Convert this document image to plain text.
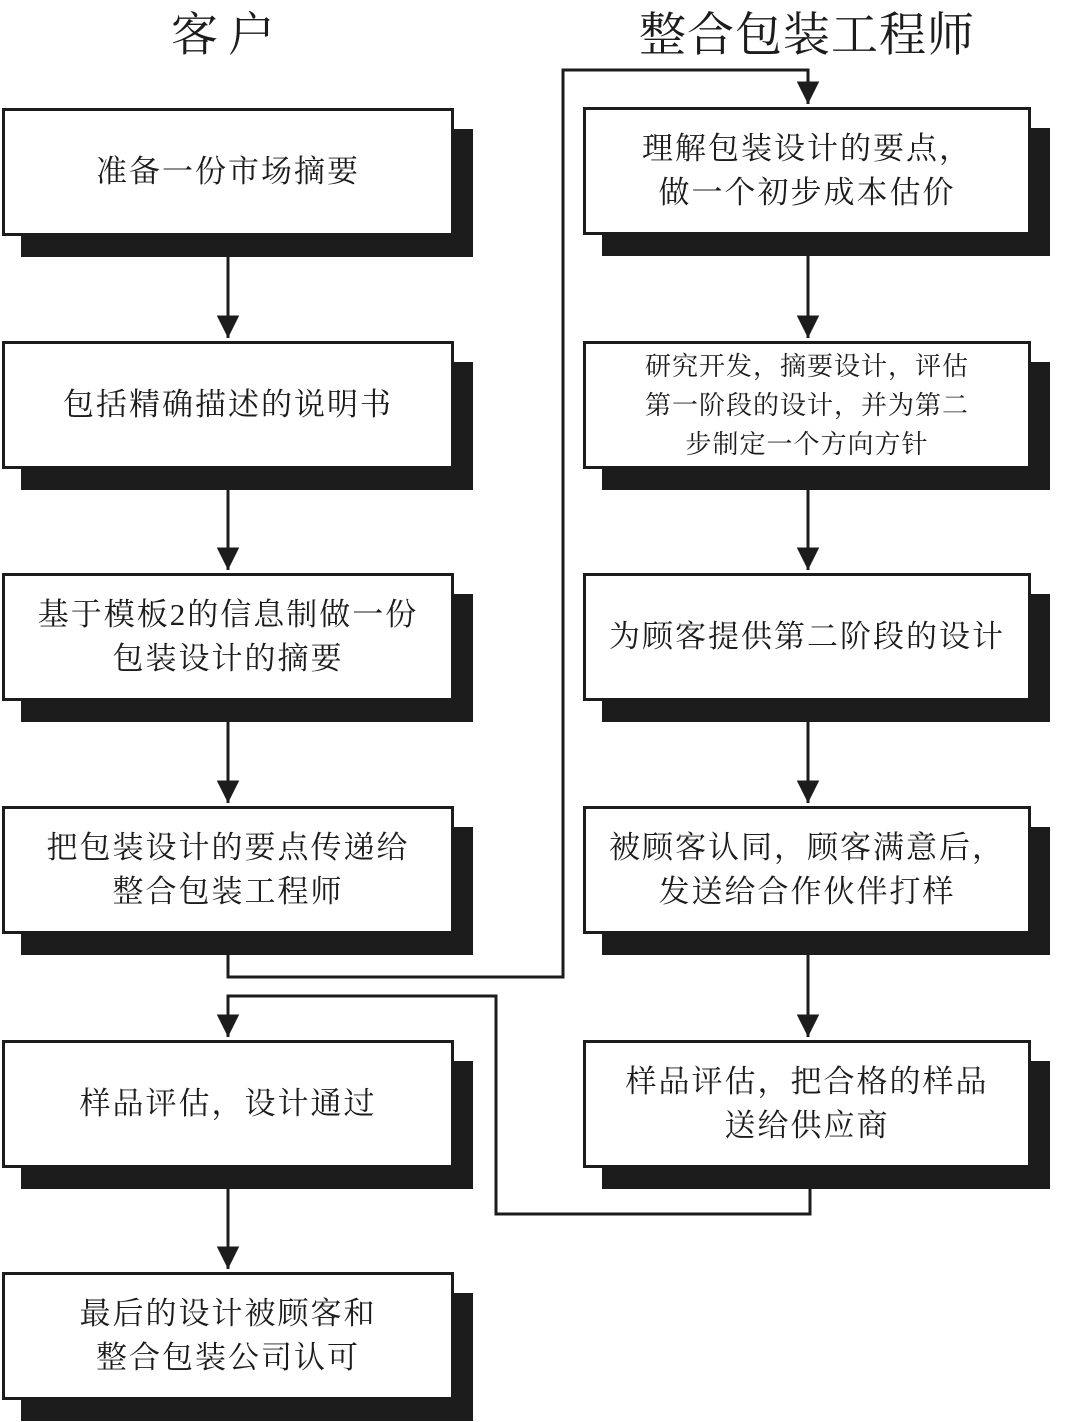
客户	整合包装工程师
准备一份市场摘要
包括精确描述的说明书
基于模板2的信息制做一份
包装设计的摘要
把包装设计的要点传递给
整合包装工程师
样品评估，设计通过
最后的设计被顾客和
整合包装公司认可
理解包装设计的要点，
做一个初步成本估价
研究开发，摘要设计，评估
第一阶段的设计，并为第二
步制定一个方向方针
为顾客提供第二阶段的设计
被顾客认同，顾客满意后，
发送给合作伙伴打样
样品评估，把合格的样品
送给供应商
